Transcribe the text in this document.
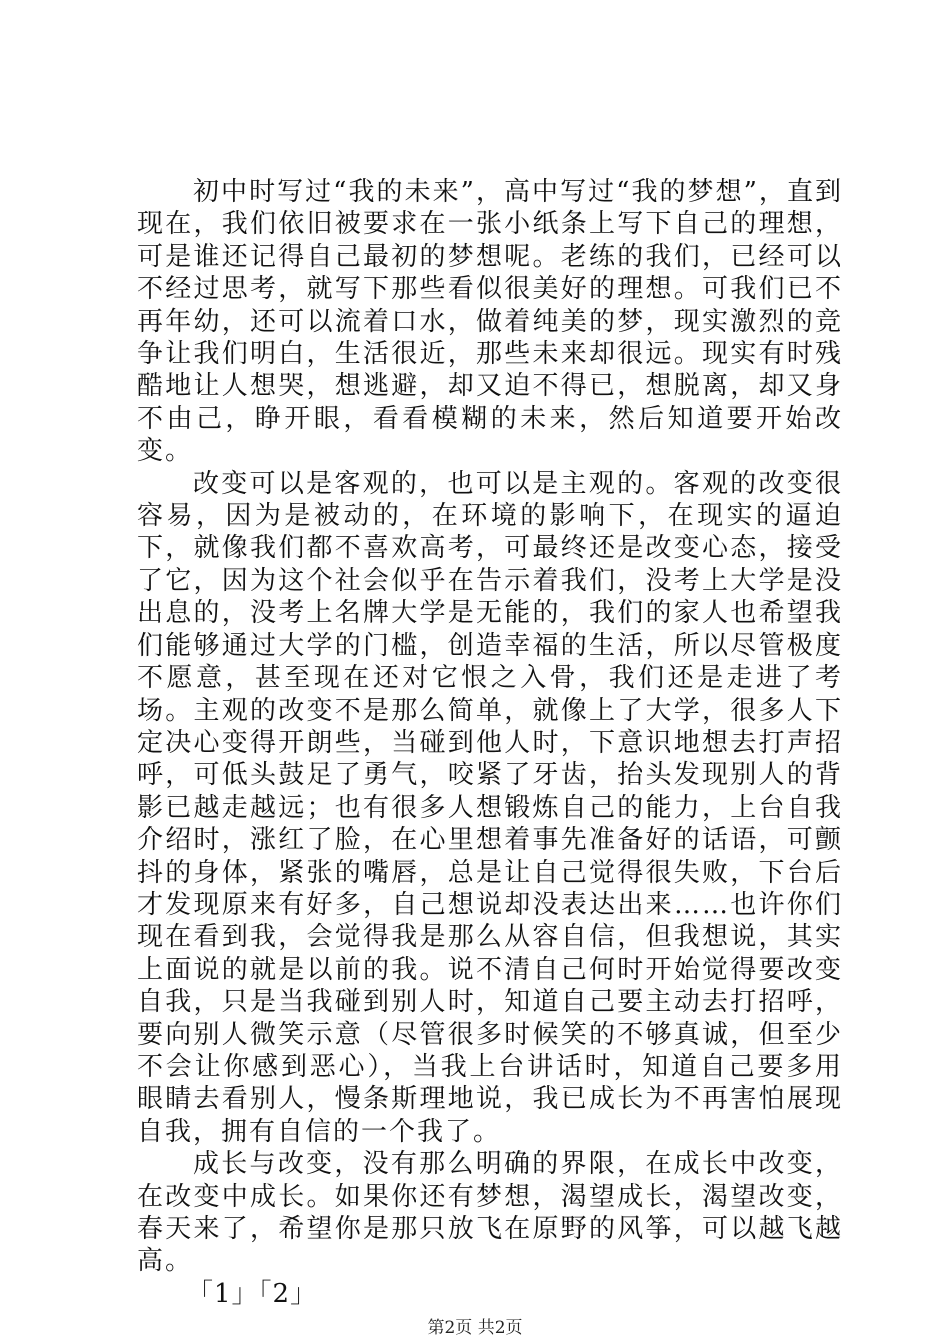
初中时写过“我的未来”，高中写过“我的梦想”，直到现在，我们依旧被要求在一张小纸条上写下自己的理想，可是谁还记得自己最初的梦想呢。老练的我们，已经可以不经过思考，就写下那些看似很美好的理想。可我们已不再年幼，还可以流着口水，做着纯美的梦，现实激烈的竞争让我们明白，生活很近，那些未来却很远。现实有时残酷地让人想哭，想逃避，却又迫不得已，想脱离，却又身不由己，睁开眼，看看模糊的未来，然后知道要开始改变。

改变可以是客观的，也可以是主观的。客观的改变很容易，因为是被动的，在环境的影响下，在现实的逼迫下，就像我们都不喜欢高考，可最终还是改变心态，接受了它，因为这个社会似乎在告示着我们，没考上大学是没出息的，没考上名牌大学是无能的，我们的家人也希望我们能够通过大学的门槛，创造幸福的生活，所以尽管极度不愿意，甚至现在还对它恨之入骨，我们还是走进了考场。主观的改变不是那么简单，就像上了大学，很多人下定决心变得开朗些，当碰到他人时，下意识地想去打声招呼，可低头鼓足了勇气，咬紧了牙齿，抬头发现别人的背影已越走越远；也有很多人想锻炼自己的能力，上台自我介绍时，涨红了脸，在心里想着事先准备好的话语，可颤抖的身体，紧张的嘴唇，总是让自己觉得很失败，下台后才发现原来有好多，自己想说却没表达出来……也许你们现在看到我，会觉得我是那么从容自信，但我想说，其实上面说的就是以前的我。说不清自己何时开始觉得要改变自我，只是当我碰到别人时，知道自己要主动去打招呼，要向别人微笑示意（尽管很多时候笑的不够真诚，但至少不会让你感到恶心），当我上台讲话时，知道自己要多用眼睛去看别人，慢条斯理地说，我已成长为不再害怕展现自我，拥有自信的一个我了。

成长与改变，没有那么明确的界限，在成长中改变，在改变中成长。如果你还有梦想，渴望成长，渴望改变，春天来了，希望你是那只放飞在原野的风筝，可以越飞越高。

「1」「2」

第2页 共2页
